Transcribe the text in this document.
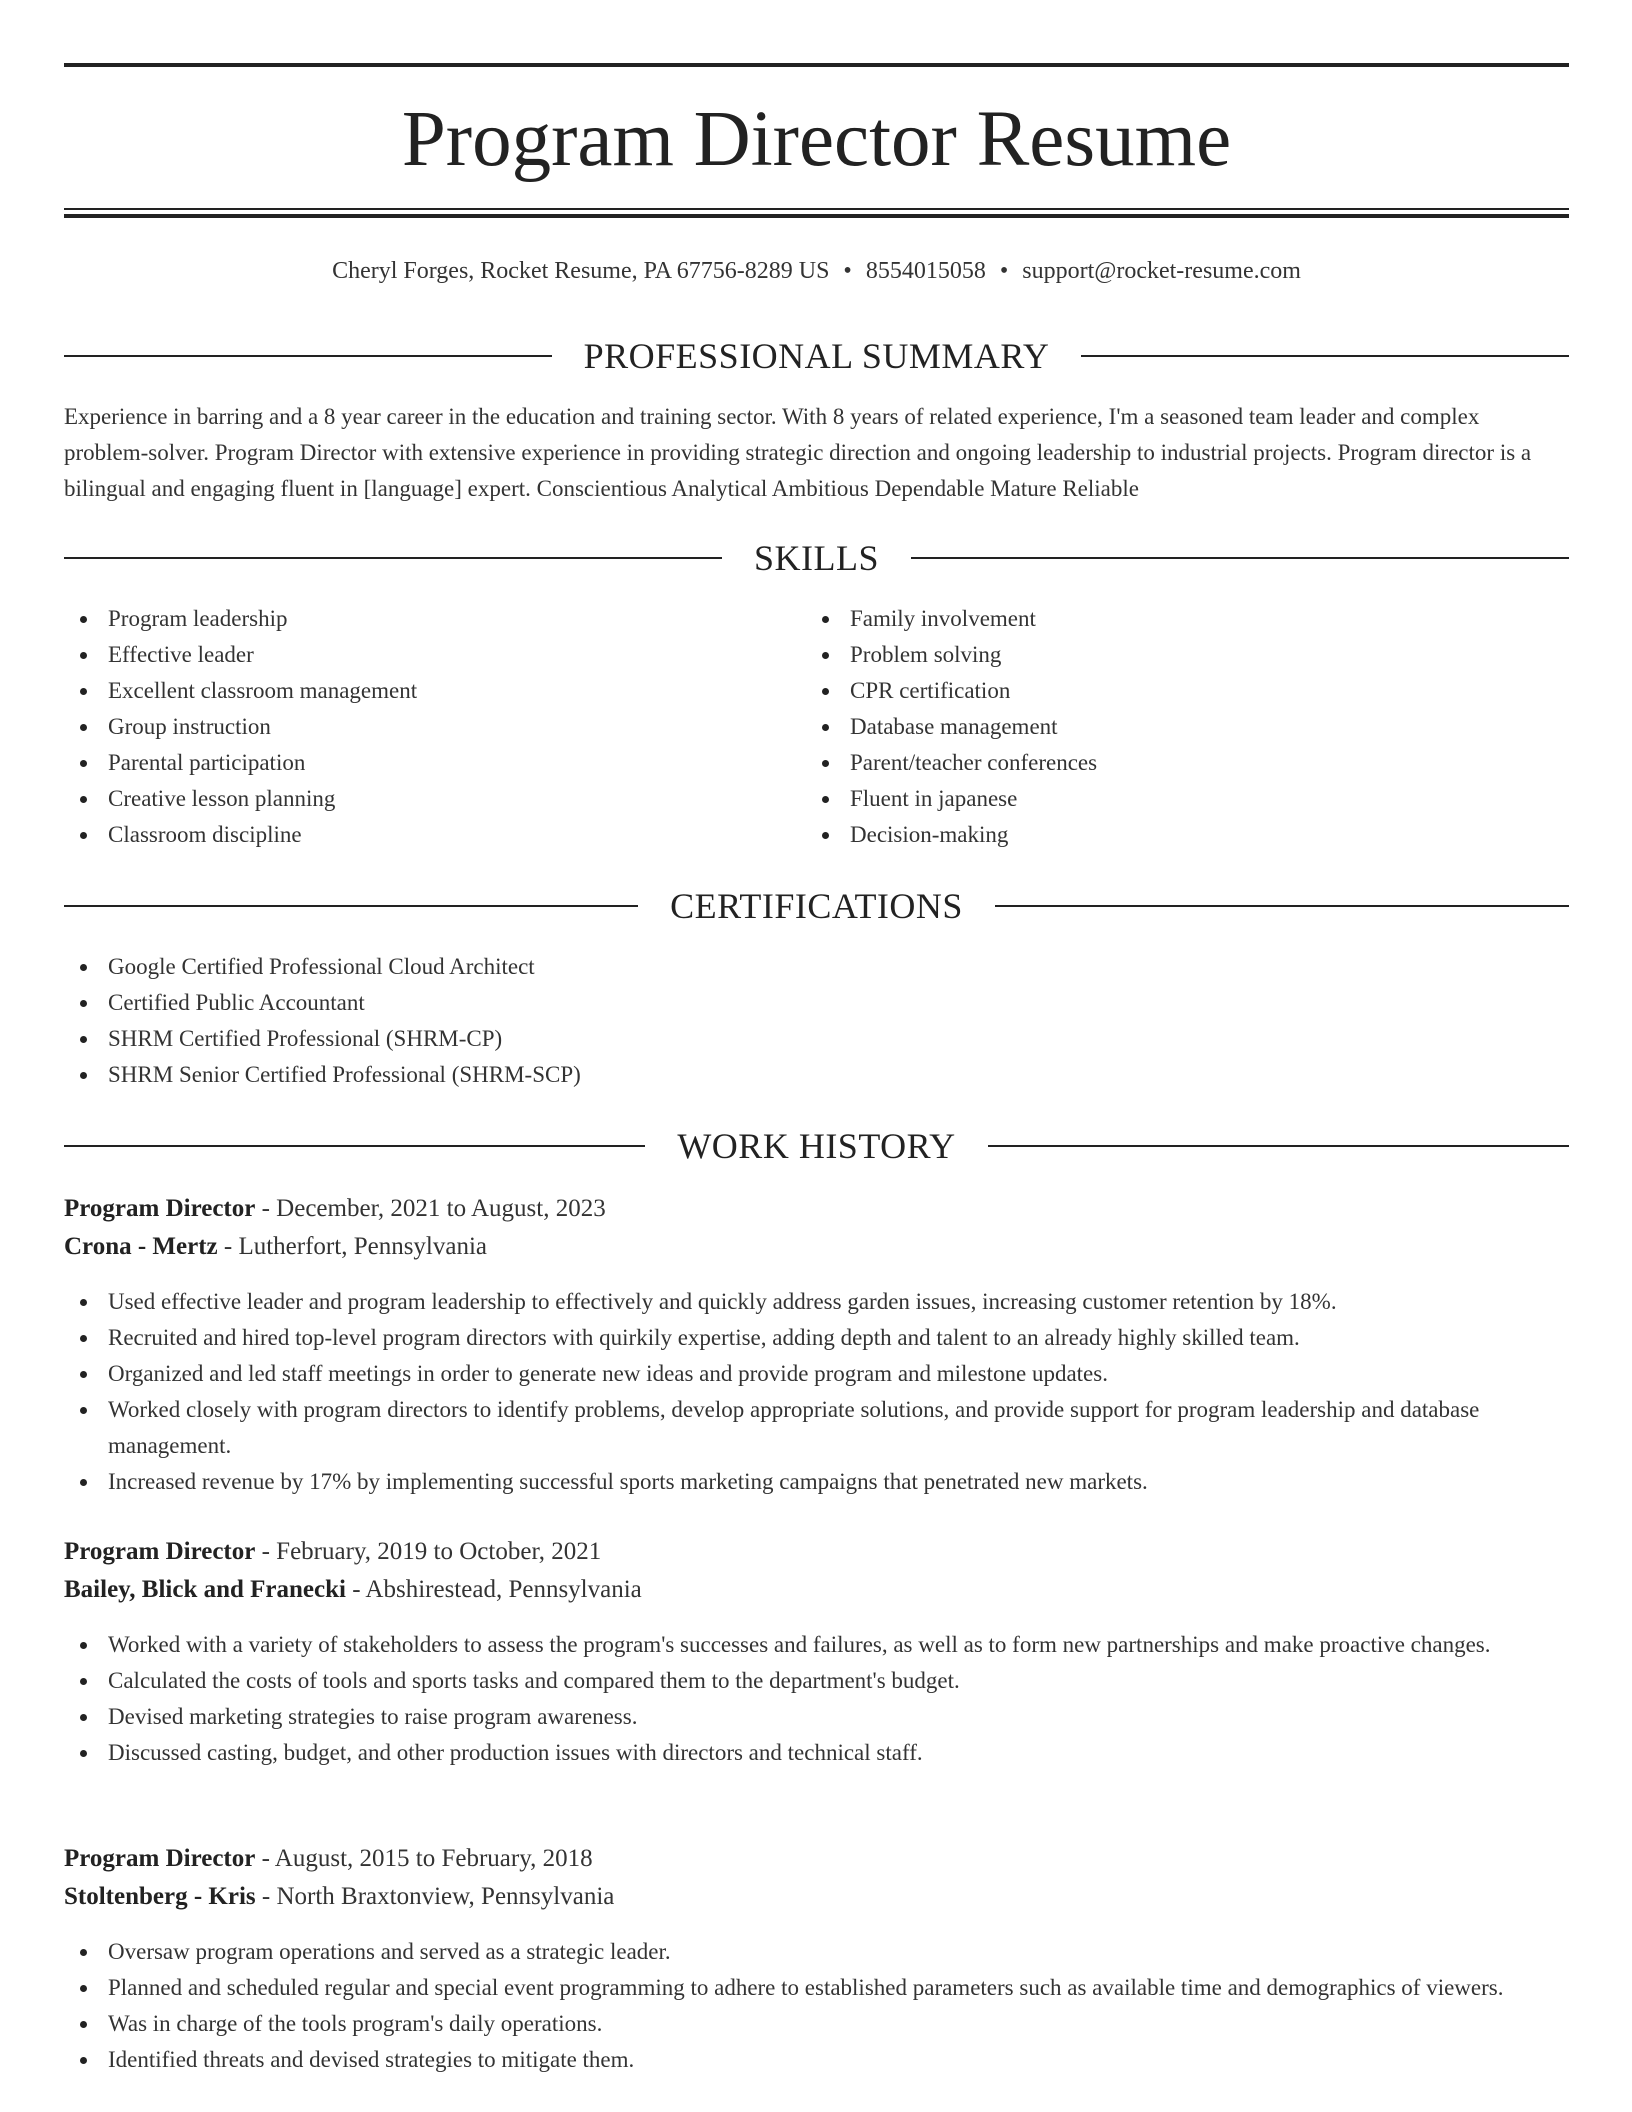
Program Director Resume
Cheryl Forges, Rocket Resume, PA 67756-8289 US • 8554015058 • support@rocket-resume.com
PROFESSIONAL SUMMARY
Experience in barring and a 8 year career in the education and training sector. With 8 years of related experience, I'm a seasoned team leader and complex problem-solver. Program Director with extensive experience in providing strategic direction and ongoing leadership to industrial projects. Program director is a bilingual and engaging fluent in [language] expert. Conscientious Analytical Ambitious Dependable Mature Reliable
SKILLS
Program leadership
Effective leader
Excellent classroom management
Group instruction
Parental participation
Creative lesson planning
Classroom discipline
Family involvement
Problem solving
CPR certification
Database management
Parent/teacher conferences
Fluent in japanese
Decision-making
CERTIFICATIONS
Google Certified Professional Cloud Architect
Certified Public Accountant
SHRM Certified Professional (SHRM-CP)
SHRM Senior Certified Professional (SHRM-SCP)
WORK HISTORY
Program Director - December, 2021 to August, 2023
Crona - Mertz - Lutherfort, Pennsylvania
Used effective leader and program leadership to effectively and quickly address garden issues, increasing customer retention by 18%.
Recruited and hired top-level program directors with quirkily expertise, adding depth and talent to an already highly skilled team.
Organized and led staff meetings in order to generate new ideas and provide program and milestone updates.
Worked closely with program directors to identify problems, develop appropriate solutions, and provide support for program leadership and database management.
Increased revenue by 17% by implementing successful sports marketing campaigns that penetrated new markets.
Program Director - February, 2019 to October, 2021
Bailey, Blick and Franecki - Abshirestead, Pennsylvania
Worked with a variety of stakeholders to assess the program's successes and failures, as well as to form new partnerships and make proactive changes.
Calculated the costs of tools and sports tasks and compared them to the department's budget.
Devised marketing strategies to raise program awareness.
Discussed casting, budget, and other production issues with directors and technical staff.
Program Director - August, 2015 to February, 2018
Stoltenberg - Kris - North Braxtonview, Pennsylvania
Oversaw program operations and served as a strategic leader.
Planned and scheduled regular and special event programming to adhere to established parameters such as available time and demographics of viewers.
Was in charge of the tools program's daily operations.
Identified threats and devised strategies to mitigate them.
